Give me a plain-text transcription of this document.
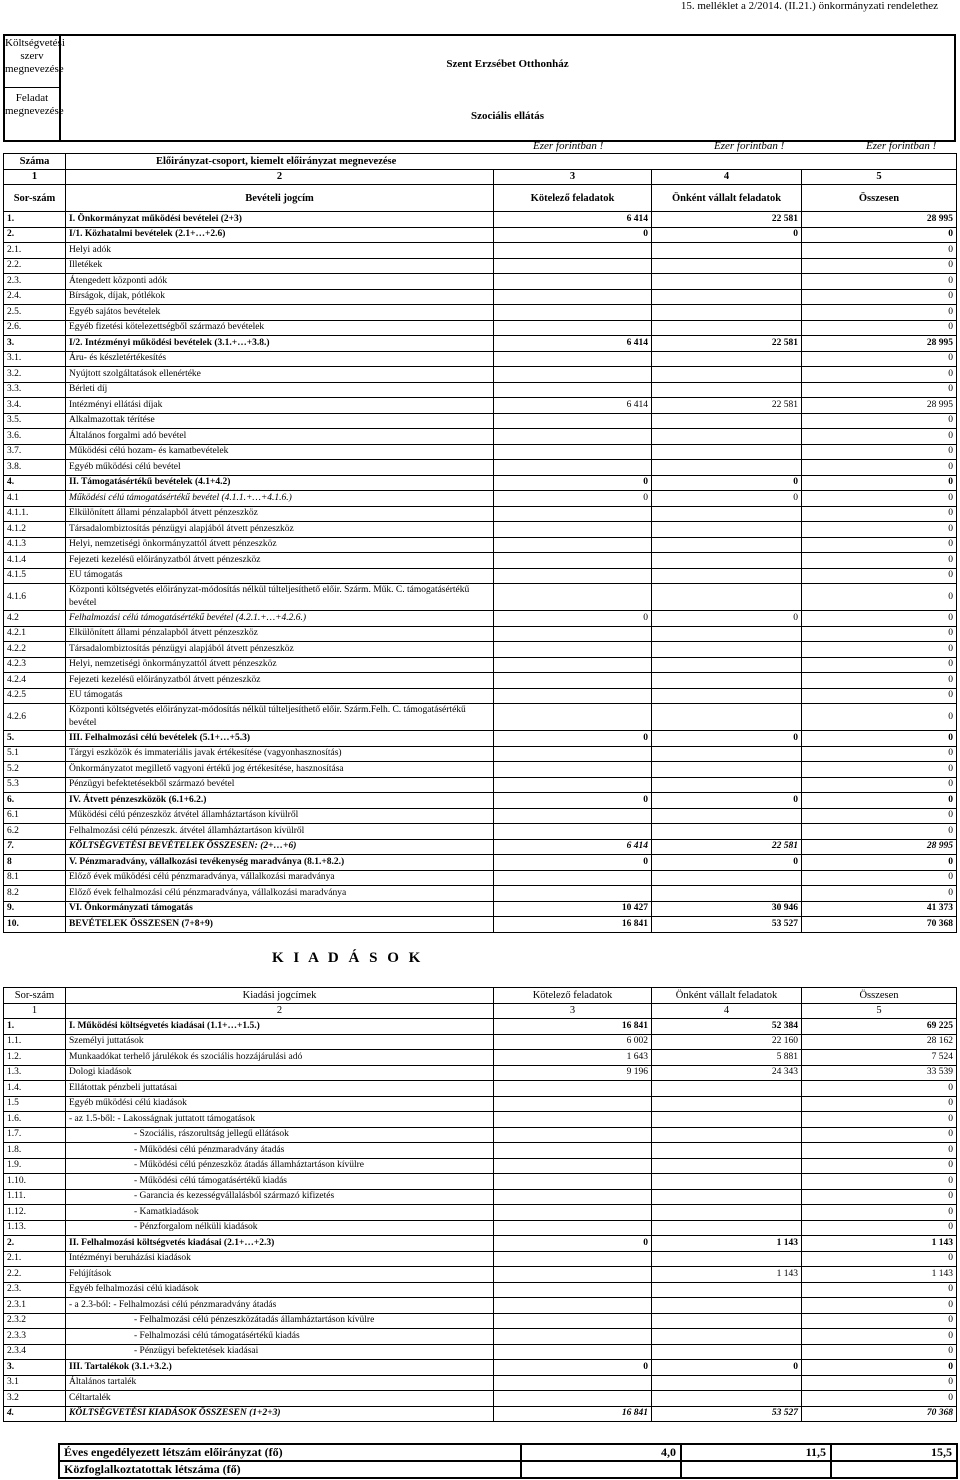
15. melléklet a 2/2014. (II.21.) önkormányzati rendelethez
Költségvetési szerv megnevezése
Feladat megnevezése
Szent Erzsébet Otthonház
Szociális ellátás
Ezer forintban !	Ezer forintban !	Ezer forintban !
Száma	Előirányzat-csoport, kiemelt előirányzat megnevezése			
1	2	3	4	5
Sor-szám	Bevételi jogcím	Kötelező feladatok	Önként vállalt feladatok	Összesen
1.	I. Önkormányzat működési bevételei (2+3)	6 414	22 581	28 995
2.	I/1. Közhatalmi bevételek (2.1+…+2.6)	0	0	0
2.1.	Helyi adók			0
2.2.	Illetékek			0
2.3.	Átengedett központi adók			0
2.4.	Bírságok, díjak, pótlékok			0
2.5.	Egyéb sajátos bevételek			0
2.6.	Egyéb fizetési kötelezettségből származó bevételek			0
3.	I/2. Intézményi működési bevételek (3.1.+…+3.8.)	6 414	22 581	28 995
3.1.	Áru- és készletértékesítés			0
3.2.	Nyújtott szolgáltatások ellenértéke			0
3.3.	Bérleti díj			0
3.4.	Intézményi ellátási díjak	6 414	22 581	28 995
3.5.	Alkalmazottak térítése			0
3.6.	Általános forgalmi adó bevétel			0
3.7.	Működési célú hozam- és kamatbevételek			0
3.8.	Egyéb működési célú bevétel			0
4.	II. Támogatásértékű bevételek (4.1+4.2)	0	0	0
4.1	Működési célú támogatásértékű bevétel (4.1.1.+…+4.1.6.)	0	0	0
4.1.1.	Elkülönített állami pénzalapból átvett pénzeszköz			0
4.1.2	Társadalombiztosítás pénzügyi alapjából átvett pénzeszköz			0
4.1.3	Helyi, nemzetiségi önkormányzattól átvett pénzeszköz			0
4.1.4	Fejezeti kezelésű előirányzatból átvett pénzeszköz			0
4.1.5	EU támogatás			0
4.1.6	Központi költségvetés előirányzat-módosítás nélkül túlteljesíthető előir. Szárm. Műk. C. támogatásértékű bevétel			0
4.2	Felhalmozási célú támogatásértékű bevétel (4.2.1.+…+4.2.6.)	0	0	0
4.2.1	Elkülönített állami pénzalapból átvett pénzeszköz			0
4.2.2	Társadalombiztosítás pénzügyi alapjából átvett pénzeszköz			0
4.2.3	Helyi, nemzetiségi önkormányzattól átvett pénzeszköz			0
4.2.4	Fejezeti kezelésű előirányzatból átvett pénzeszköz			0
4.2.5	EU támogatás			0
4.2.6	Központi költségvetés előirányzat-módosítás nélkül túlteljesíthető előir. Szárm.Felh. C. támogatásértékű bevétel			0
5.	III. Felhalmozási célú bevételek (5.1+…+5.3)	0	0	0
5.1	Tárgyi eszközök és immateriális javak értékesítése (vagyonhasznosítás)			0
5.2	Önkormányzatot megillető vagyoni értékű jog értékesítése, hasznosítása			0
5.3	Pénzügyi befektetésekből származó bevétel			0
6.	IV. Átvett pénzeszközök (6.1+6.2.)	0	0	0
6.1	Működési célú pénzeszköz átvétel államháztartáson kívülről			0
6.2	Felhalmozási célú pénzeszk. átvétel államháztartáson kívülről			0
7.	KÖLTSÉGVETÉSI BEVÉTELEK ÖSSZESEN: (2+…+6)	6 414	22 581	28 995
8	V. Pénzmaradvány, vállalkozási tevékenység maradványa (8.1.+8.2.)	0	0	0
8.1	Előző évek működési célú pénzmaradványa, vállalkozási maradványa			0
8.2	Előző évek felhalmozási célú pénzmaradványa, vállalkozási maradványa			0
9.	VI. Önkormányzati támogatás	10 427	30 946	41 373
10.	BEVÉTELEK ÖSSZESEN (7+8+9)	16 841	53 527	70 368
K I A D Á S O K
Sor-szám	Kiadási jogcímek	Kötelező feladatok	Önként vállalt feladatok	Összesen
1	2	3	4	5
1.	I. Működési költségvetés kiadásai (1.1+…+1.5.)	16 841	52 384	69 225
1.1.	Személyi juttatások	6 002	22 160	28 162
1.2.	Munkaadókat terhelő járulékok és szociális hozzájárulási adó	1 643	5 881	7 524
1.3.	Dologi kiadások	9 196	24 343	33 539
1.4.	Ellátottak pénzbeli juttatásai			0
1.5	Egyéb működési célú kiadások			0
1.6.	- az 1.5-ből: - Lakosságnak juttatott támogatások			0
1.7.	- Szociális, rászorultság jellegű ellátások			0
1.8.	- Működési célú pénzmaradvány átadás			0
1.9.	- Működési célú pénzeszköz átadás államháztartáson kívülre			0
1.10.	- Működési célú támogatásértékű kiadás			0
1.11.	- Garancia és kezességvállalásból származó kifizetés			0
1.12.	- Kamatkiadások			0
1.13.	- Pénzforgalom nélküli kiadások			0
2.	II. Felhalmozási költségvetés kiadásai (2.1+…+2.3)	0	1 143	1 143
2.1.	Intézményi beruházási kiadások			0
2.2.	Felújítások		1 143	1 143
2.3.	Egyéb felhalmozási célú kiadások			0
2.3.1	- a 2.3-ból: - Felhalmozási célú pénzmaradvány átadás			0
2.3.2	- Felhalmozási célú pénzeszközátadás államháztartáson kívülre			0
2.3.3	- Felhalmozási célú támogatásértékű kiadás			0
2.3.4	- Pénzügyi befektetések kiadásai			0
3.	III. Tartalékok (3.1.+3.2.)	0	0	0
3.1	Általános tartalék			0
3.2	Céltartalék			0
4.	KÖLTSÉGVETÉSI KIADÁSOK ÖSSZESEN (1+2+3)	16 841	53 527	70 368
Éves engedélyezett létszám előirányzat (fő)	4,0	11,5	15,5
Közfoglalkoztatottak létszáma (fő)			
